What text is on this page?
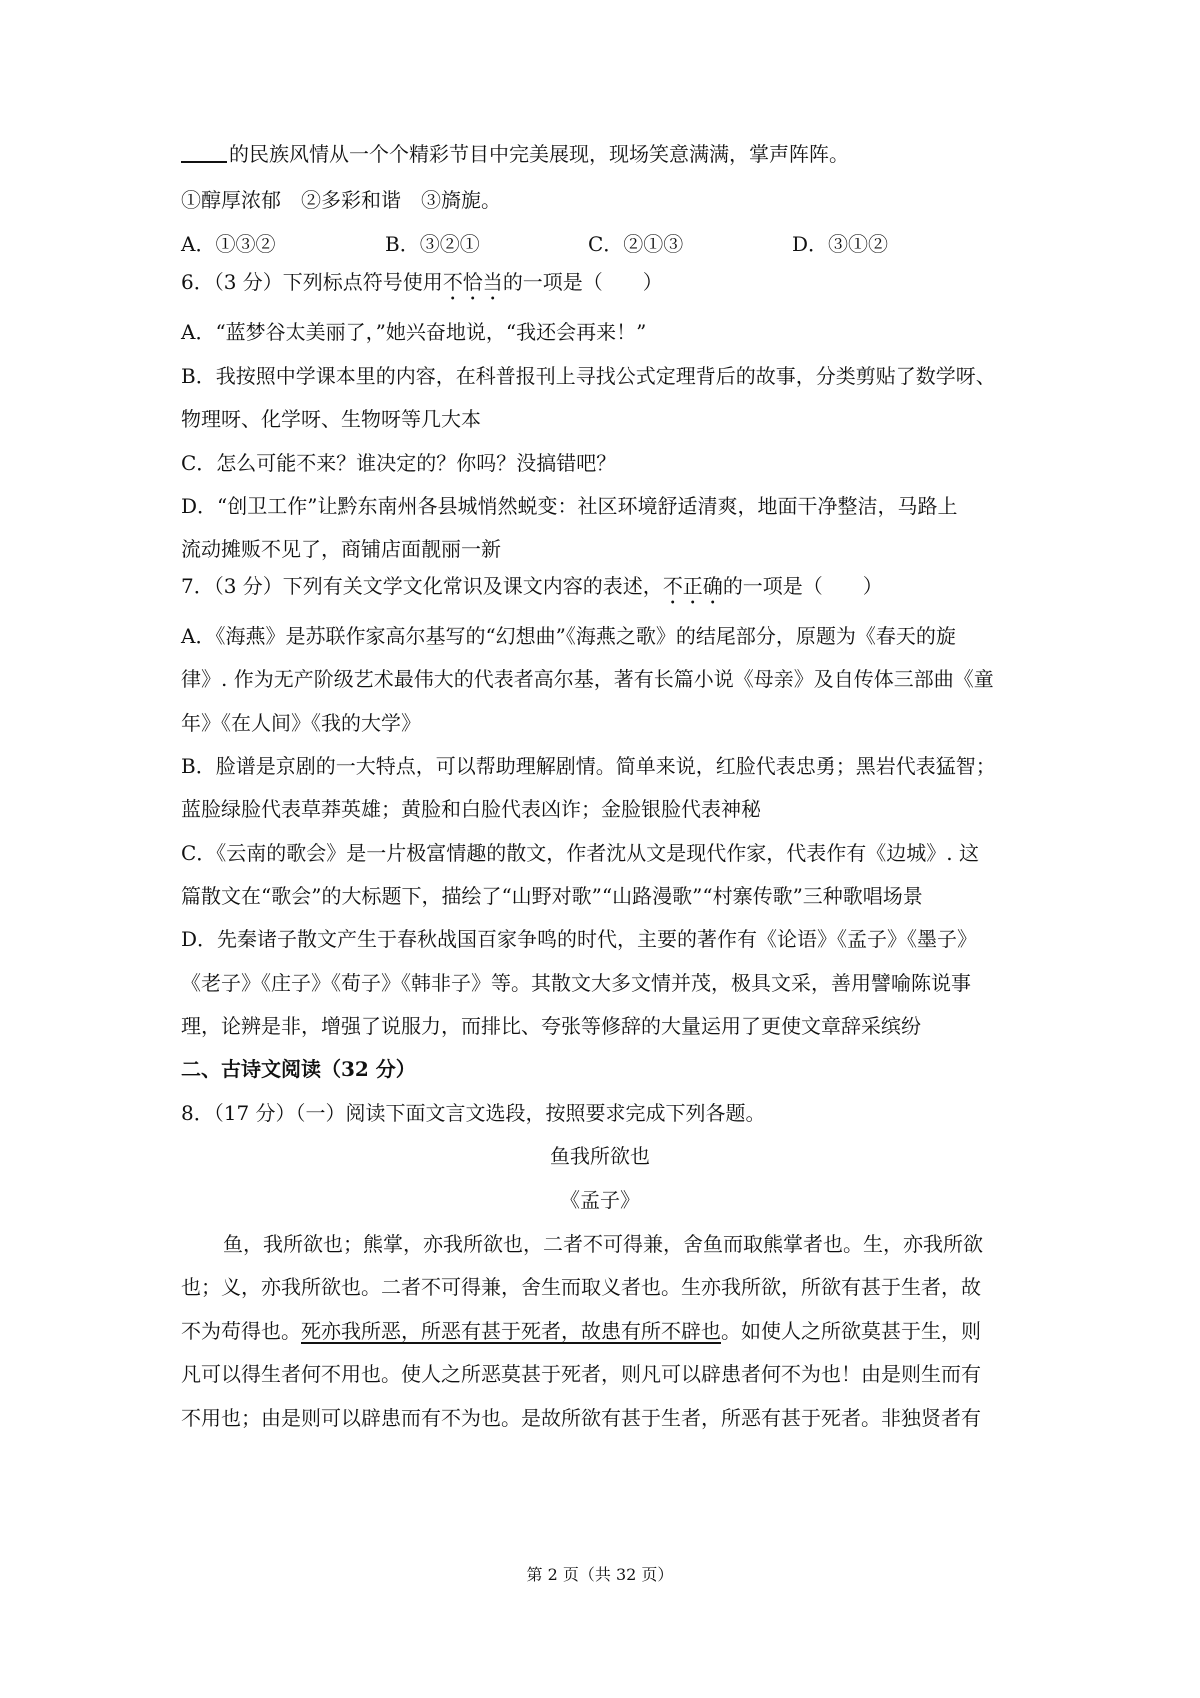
的民族风情从一个个精彩节目中完美展现，现场笑意满满，掌声阵阵。
①醇厚浓郁　②多彩和谐　③旖旎。
A．①③②	B．③②①	C．②①③	D．③①②
6．（3 分）下列标点符号使用不恰当的一项是（　　）
A．“蓝梦谷太美丽了，”她兴奋地说，“我还会再来！”
B．我按照中学课本里的内容，在科普报刊上寻找公式定理背后的故事，分类剪贴了数学呀、
物理呀、化学呀、生物呀等几大本
C．怎么可能不来？谁决定的？你吗？没搞错吧？
D．“创卫工作”让黔东南州各县城悄然蜕变：社区环境舒适清爽，地面干净整洁，马路上
流动摊贩不见了，商铺店面靓丽一新
7．（3 分）下列有关文学文化常识及课文内容的表述，不正确的一项是（　　）
A．《海燕》是苏联作家高尔基写的“幻想曲”《海燕之歌》的结尾部分，原题为《春天的旋
律》. 作为无产阶级艺术最伟大的代表者高尔基，著有长篇小说《母亲》及自传体三部曲《童
年》《在人间》《我的大学》
B．脸谱是京剧的一大特点，可以帮助理解剧情。简单来说，红脸代表忠勇；黑岩代表猛智；
蓝脸绿脸代表草莽英雄；黄脸和白脸代表凶诈；金脸银脸代表神秘
C．《云南的歌会》是一片极富情趣的散文，作者沈从文是现代作家，代表作有《边城》. 这
篇散文在“歌会”的大标题下，描绘了“山野对歌”“山路漫歌”“村寨传歌”三种歌唱场景
D．先秦诸子散文产生于春秋战国百家争鸣的时代，主要的著作有《论语》《孟子》《墨子》
《老子》《庄子》《荀子》《韩非子》等。其散文大多文情并茂，极具文采，善用譬喻陈说事
理，论辨是非，增强了说服力，而排比、夸张等修辞的大量运用了更使文章辞采缤纷
二、古诗文阅读（32 分）
8．（17 分）（一）阅读下面文言文选段，按照要求完成下列各题。
鱼我所欲也
《孟子》
鱼，我所欲也；熊掌，亦我所欲也，二者不可得兼，舍鱼而取熊掌者也。生，亦我所欲
也；义，亦我所欲也。二者不可得兼，舍生而取义者也。生亦我所欲，所欲有甚于生者，故
不为苟得也。死亦我所恶，所恶有甚于死者，故患有所不辟也。如使人之所欲莫甚于生，则
凡可以得生者何不用也。使人之所恶莫甚于死者，则凡可以辟患者何不为也！由是则生而有
不用也；由是则可以辟患而有不为也。是故所欲有甚于生者，所恶有甚于死者。非独贤者有
第 2 页（共 32 页）
